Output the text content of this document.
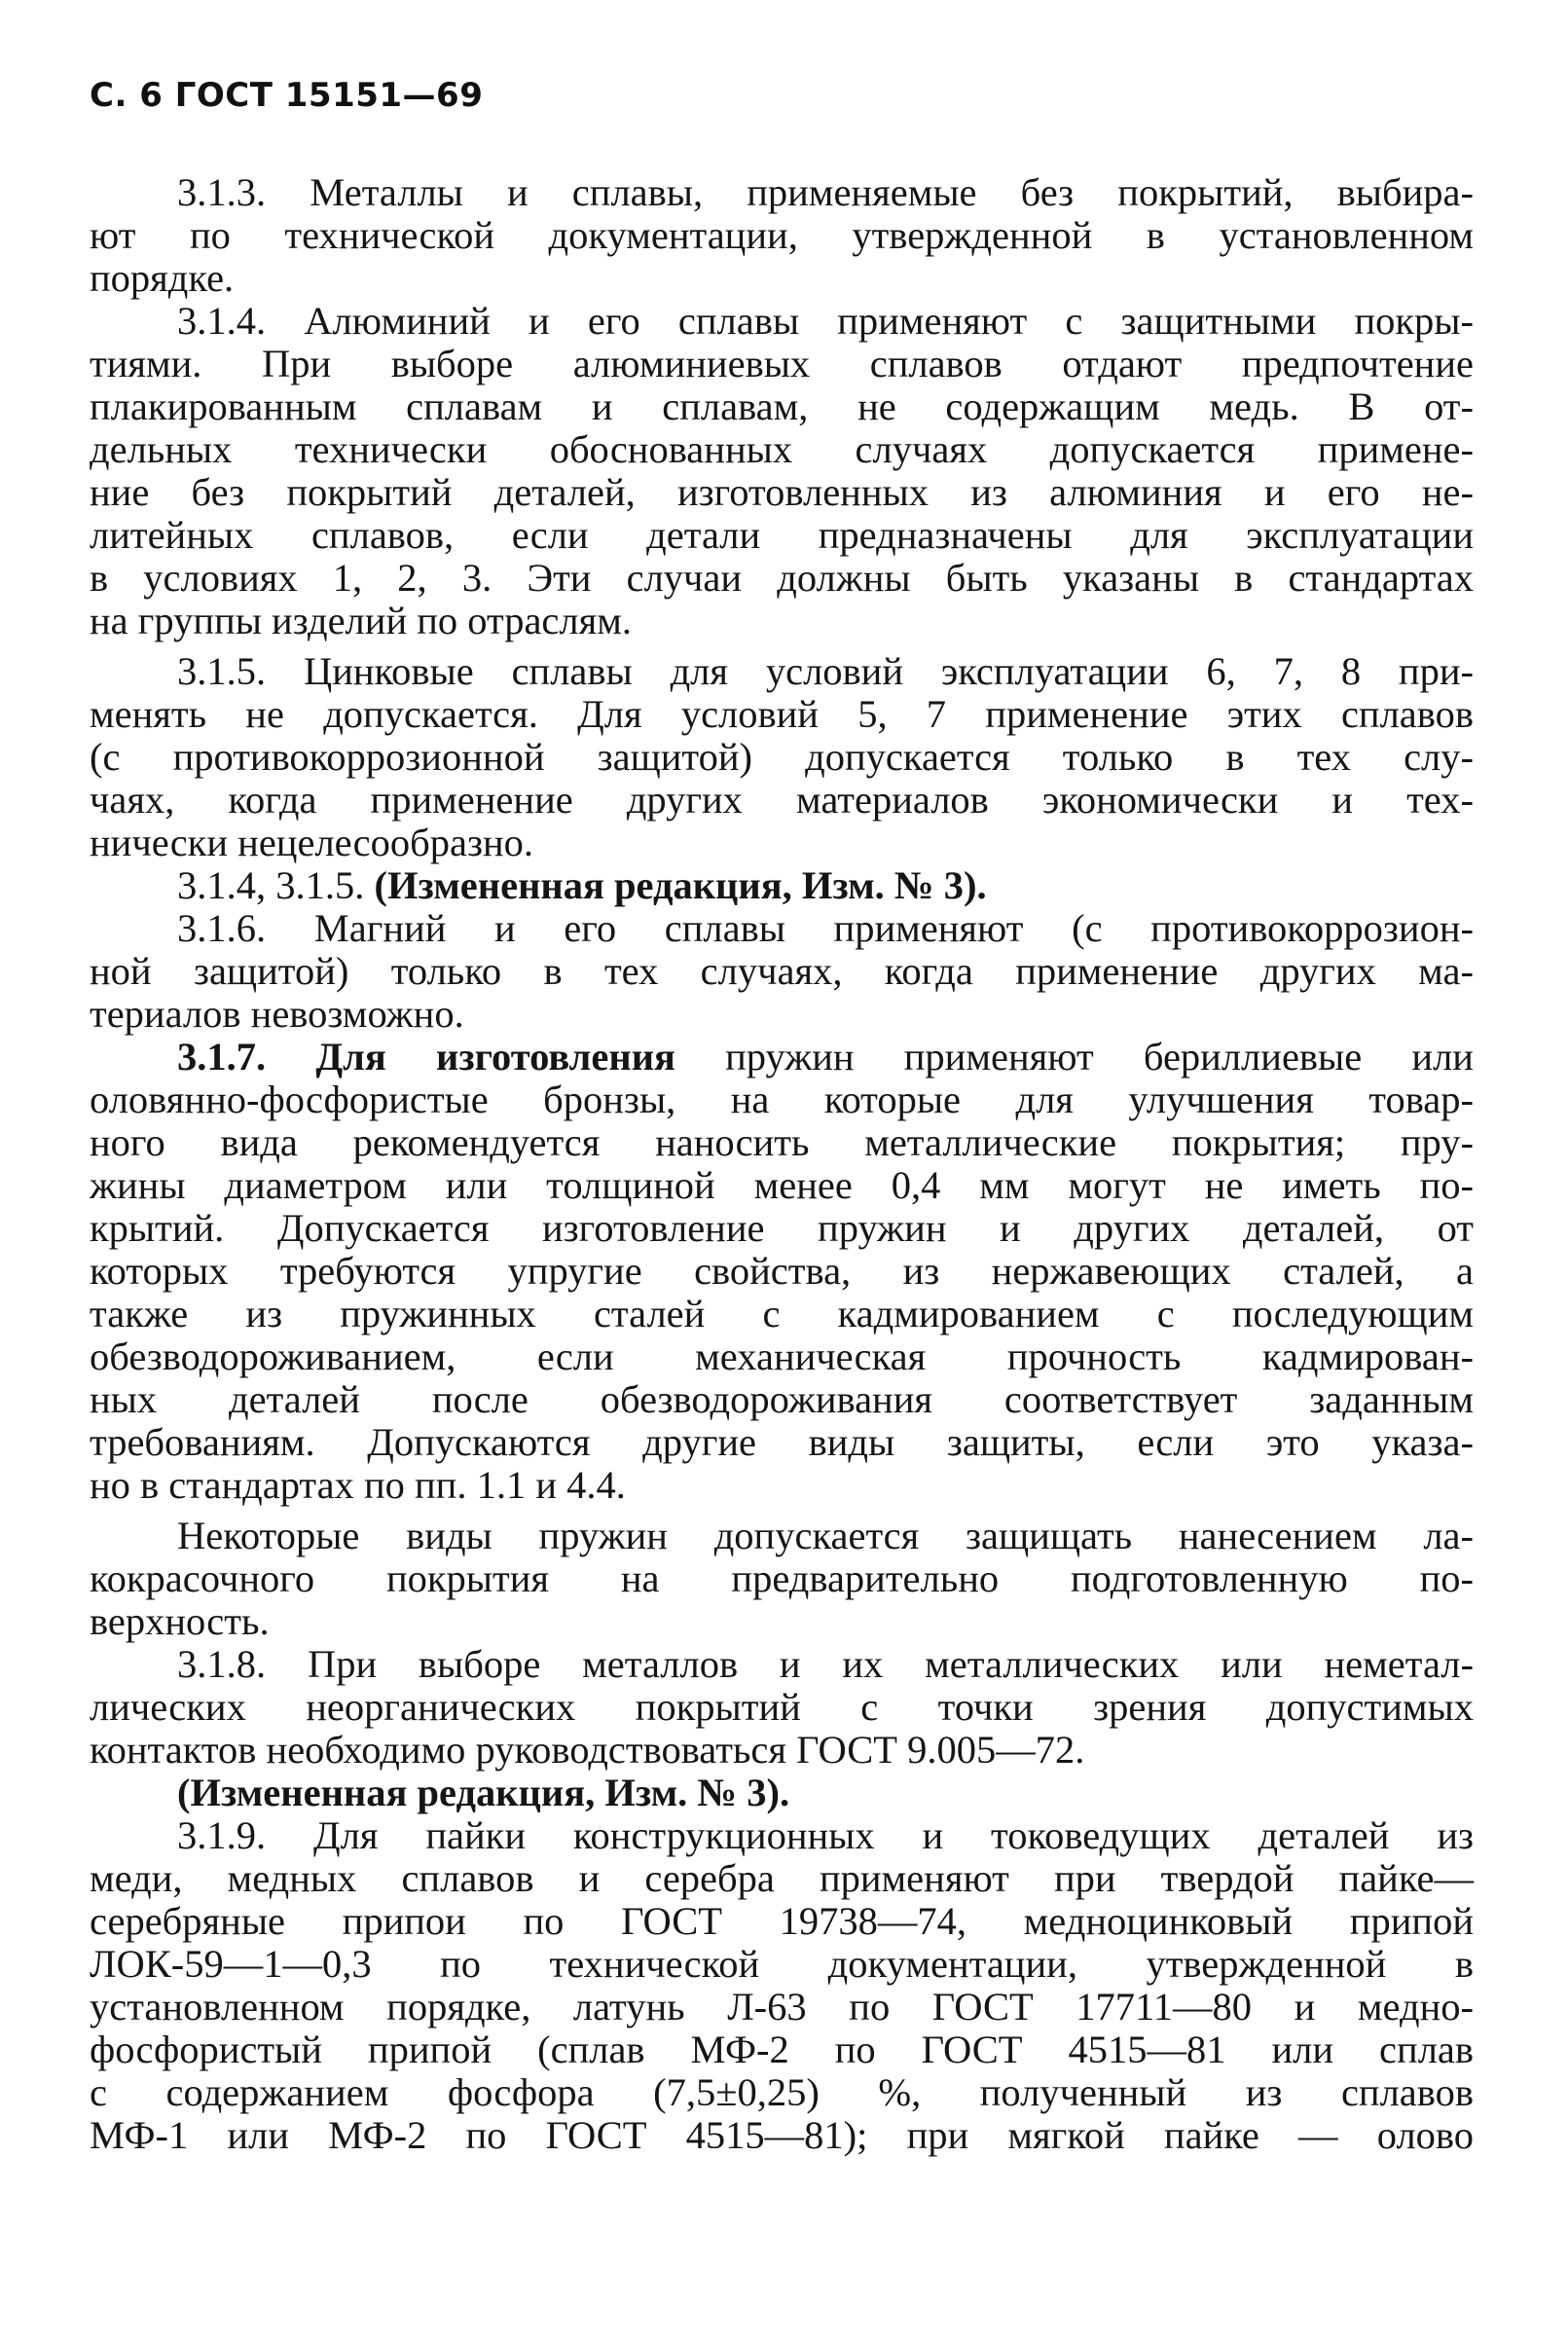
С. 6 ГОСТ 15151—69
3.1.3. Металлы и сплавы, применяемые без покрытий, выбира-
ют по технической документации, утвержденной в установленном
порядке.
3.1.4. Алюминий и его сплавы применяют с защитными покры-
тиями. При выборе алюминиевых сплавов отдают предпочтение
плакированным сплавам и сплавам, не содержащим медь. В от-
дельных технически обоснованных случаях допускается примене-
ние без покрытий деталей, изготовленных из алюминия и его не-
литейных сплавов, если детали предназначены для эксплуатации
в условиях 1, 2, 3. Эти случаи должны быть указаны в стандартах
на группы изделий по отраслям.
3.1.5. Цинковые сплавы для условий эксплуатации 6, 7, 8 при-
менять не допускается. Для условий 5, 7 применение этих сплавов
(с противокоррозионной защитой) допускается только в тех слу-
чаях, когда применение других материалов экономически и тех-
нически нецелесообразно.
3.1.4, 3.1.5. (Измененная редакция, Изм. № 3).
3.1.6. Магний и его сплавы применяют (с противокоррозион-
ной защитой) только в тех случаях, когда применение других ма-
териалов невозможно.
3.1.7. Для изготовления пружин применяют бериллиевые или
оловянно-фосфористые бронзы, на которые для улучшения товар-
ного вида рекомендуется наносить металлические покрытия; пру-
жины диаметром или толщиной менее 0,4 мм могут не иметь по-
крытий. Допускается изготовление пружин и других деталей, от
которых требуются упругие свойства, из нержавеющих сталей, а
также из пружинных сталей с кадмированием с последующим
обезводороживанием, если механическая прочность кадмирован-
ных деталей после обезводороживания соответствует заданным
требованиям. Допускаются другие виды защиты, если это указа-
но в стандартах по пп. 1.1 и 4.4.
Некоторые виды пружин допускается защищать нанесением ла-
кокрасочного покрытия на предварительно подготовленную по-
верхность.
3.1.8. При выборе металлов и их металлических или неметал-
лических неорганических покрытий с точки зрения допустимых
контактов необходимо руководствоваться ГОСТ 9.005—72.
(Измененная редакция, Изм. № 3).
3.1.9. Для пайки конструкционных и токоведущих деталей из
меди, медных сплавов и серебра применяют при твердой пайке—
серебряные припои по ГОСТ 19738—74, медноцинковый припой
ЛОК-59—1—0,3 по технической документации, утвержденной в
установленном порядке, латунь Л-63 по ГОСТ 17711—80 и медно-
фосфористый припой (сплав МФ-2 по ГОСТ 4515—81 или сплав
с содержанием фосфора (7,5±0,25) %, полученный из сплавов
МФ-1 или МФ-2 по ГОСТ 4515—81); при мягкой пайке — олово
